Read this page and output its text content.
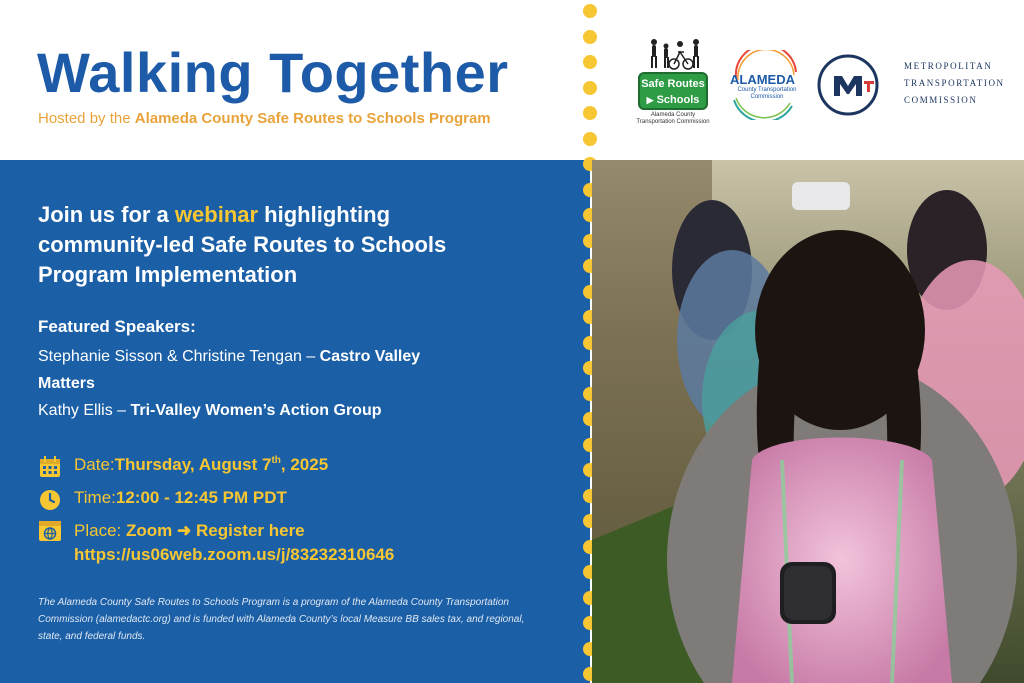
Walking Together
Hosted by the Alameda County Safe Routes to Schools Program
Safe Routes
▶ Schools
Alameda County
Transportation Commission
ALAMEDA
County Transportation Commission
METROPOLITAN
TRANSPORTATION
COMMISSION
Join us for a webinar highlighting community-led Safe Routes to Schools Program Implementation
Featured Speakers:
Stephanie Sisson & Christine Tengan – Castro Valley Matters
Kathy Ellis – Tri-Valley Women’s Action Group
Date: Thursday, August 7th , 2025
Time: 12:00 - 12:45 PM PDT
Place: Zoom ➜ Register here
https://us06web.zoom.us/j/83232310646
The Alameda County Safe Routes to Schools Program is a program of the Alameda County Transportation Commission (alamedactc.org) and is funded with Alameda County’s local Measure BB sales tax, and regional, state, and federal funds.
